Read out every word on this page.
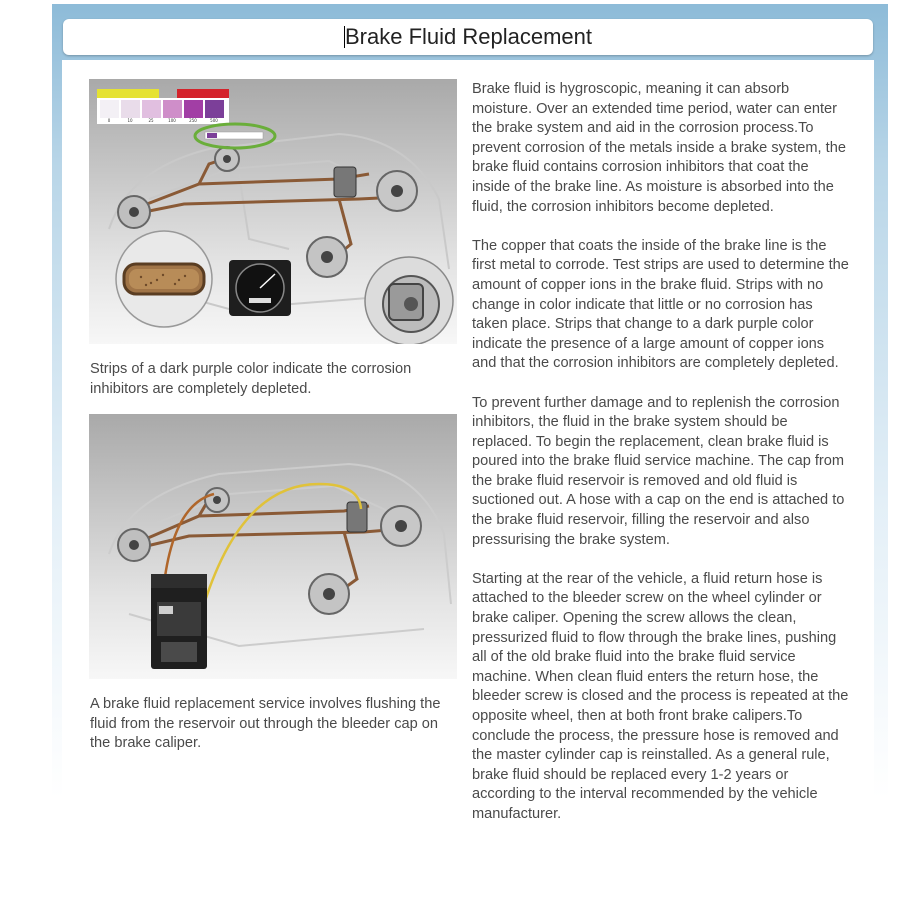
Brake Fluid Replacement
0	10	25	100	250	500
Strips of a dark purple color indicate the corrosion inhibitors are completely depleted.
A brake fluid replacement service involves flushing the fluid from the reservoir out through the bleeder cap on the brake caliper.

Brake fluid is hygroscopic, meaning it can absorb moisture. Over an extended time period, water can enter the brake system and aid in the corrosion process.To prevent corrosion of the metals inside a brake system, the brake fluid contains corrosion inhibitors that coat the inside of the brake line. As moisture is absorbed into the fluid, the corrosion inhibitors become depleted.

The copper that coats the inside of the brake line is the first metal to corrode. Test strips are used to determine the amount of copper ions in the brake fluid. Strips with no change in color indicate that little or no corrosion has taken place. Strips that change to a dark purple color indicate the presence of a large amount of copper ions and that the corrosion inhibitors are completely depleted.

To prevent further damage and to replenish the corrosion inhibitors, the fluid in the brake system should be replaced. To begin the replacement, clean brake fluid is poured into the brake fluid service machine. The cap from the brake fluid reservoir is removed and old fluid is suctioned out. A hose with a cap on the end is attached to the brake fluid reservoir, filling the reservoir and also pressurising the brake system.

Starting at the rear of the vehicle, a fluid return hose is attached to the bleeder screw on the wheel cylinder or brake caliper. Opening the screw allows the clean, pressurized fluid to flow through the brake lines, pushing all of the old brake fluid into the brake fluid service machine. When clean fluid enters the return hose, the bleeder screw is closed and the process is repeated at the opposite wheel, then at both front brake calipers.To conclude the process, the pressure hose is removed and the master cylinder cap is reinstalled. As a general rule, brake fluid should be replaced every 1-2 years or according to the interval recommended by the vehicle manufacturer.
